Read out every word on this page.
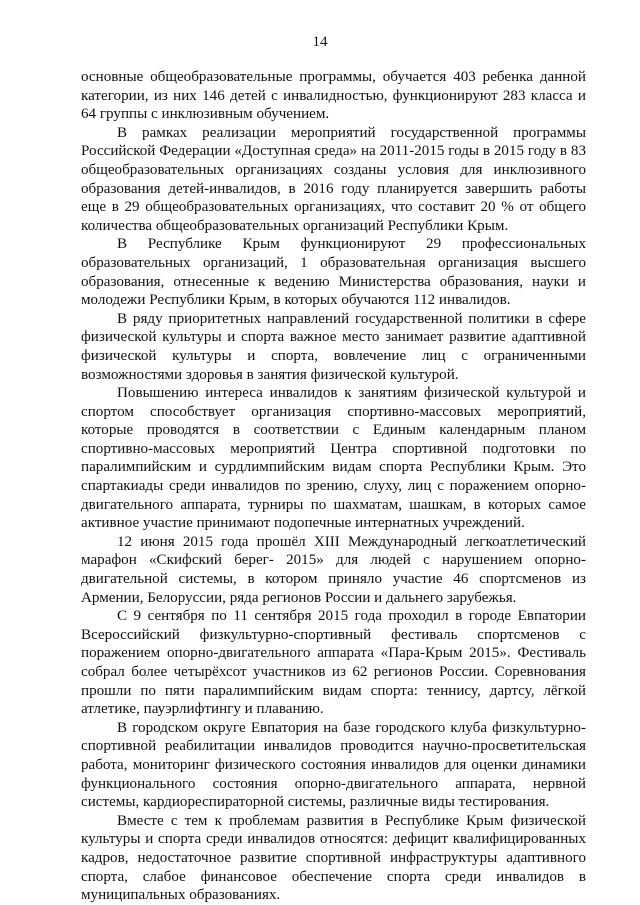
14

основные общеобразовательные программы, обучается 403 ребенка данной категории, из них 146 детей с инвалидностью, функционируют 283 класса и 64 группы с инклюзивным обучением.

В рамках реализации мероприятий государственной программы Российской Федерации «Доступная среда» на 2011-2015 годы в 2015 году в 83 общеобразовательных организациях созданы условия для инклюзивного образования детей-инвалидов, в 2016 году планируется завершить работы еще в 29 общеобразовательных организациях, что составит 20 % от общего количества общеобразовательных организаций Республики Крым.

В Республике Крым функционируют 29 профессиональных образовательных организаций, 1 образовательная организация высшего образования, отнесенные к ведению Министерства образования, науки и молодежи Республики Крым, в которых обучаются 112 инвалидов.

В ряду приоритетных направлений государственной политики в сфере физической культуры и спорта важное место занимает развитие адаптивной физической культуры и спорта, вовлечение лиц с ограниченными возможностями здоровья в занятия физической культурой.

Повышению интереса инвалидов к занятиям физической культурой и спортом способствует организация спортивно-массовых мероприятий, которые проводятся в соответствии с Единым календарным планом спортивно-массовых мероприятий Центра спортивной подготовки по паралимпийским и сурдлимпийским видам спорта Республики Крым. Это спартакиады среди инвалидов по зрению, слуху, лиц с поражением опорно-двигательного аппарата, турниры по шахматам, шашкам, в которых самое активное участие принимают подопечные интернатных учреждений.

12 июня 2015 года прошёл XIII Международный легкоатлетический марафон «Скифский берег- 2015» для людей с нарушением опорно-двигательной системы, в котором приняло участие 46 спортсменов из Армении, Белоруссии, ряда регионов России и дальнего зарубежья.

С 9 сентября по 11 сентября 2015 года проходил в городе Евпатории Всероссийский физкультурно-спортивный фестиваль спортсменов с поражением опорно-двигательного аппарата «Пара-Крым 2015». Фестиваль собрал более четырёхсот участников из 62 регионов России. Соревнования прошли по пяти паралимпийским видам спорта: теннису, дартсу, лёгкой атлетике, пауэрлифтингу и плаванию.

В городском округе Евпатория на базе городского клуба физкультурно-спортивной реабилитации инвалидов проводится научно-просветительская работа, мониторинг физического состояния инвалидов для оценки динамики функционального состояния опорно-двигательного аппарата, нервной системы, кардиореспираторной системы, различные виды тестирования.

Вместе с тем к проблемам развития в Республике Крым физической культуры и спорта среди инвалидов относятся: дефицит квалифицированных кадров, недостаточное развитие спортивной инфраструктуры адаптивного спорта, слабое финансовое обеспечение спорта среди инвалидов в муниципальных образованиях.
